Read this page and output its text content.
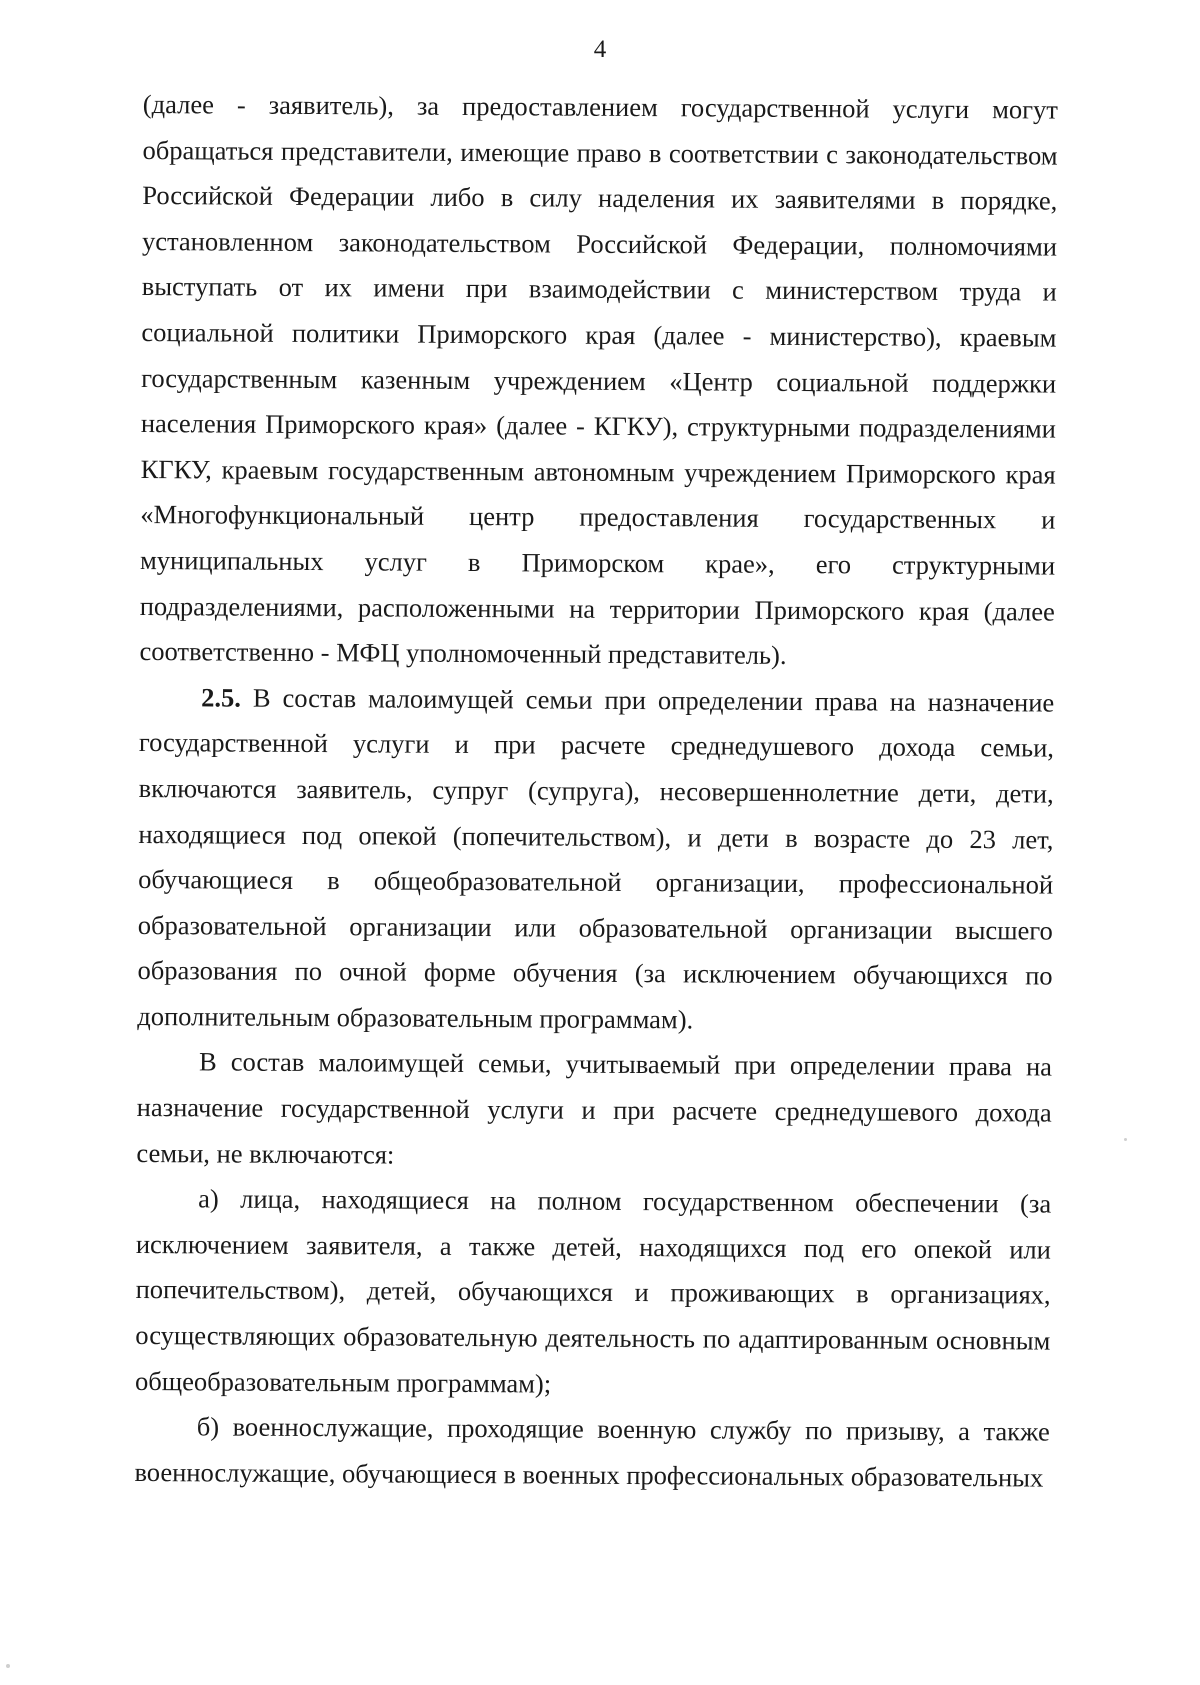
4

(далее - заявитель), за предоставлением государственной услуги могут обращаться представители, имеющие право в соответствии с законодательством Российской Федерации либо в силу наделения их заявителями в порядке, установленном законодательством Российской Федерации, полномочиями выступать от их имени при взаимодействии с министерством труда и социальной политики Приморского края (далее - министерство), краевым государственным казенным учреждением «Центр социальной поддержки населения Приморского края» (далее - КГКУ), структурными подразделениями КГКУ, краевым государственным автономным учреждением Приморского края «Многофункциональный центр предоставления государственных и муниципальных услуг в Приморском крае», его структурными подразделениями, расположенными на территории Приморского края (далее соответственно - МФЦ уполномоченный представитель).

2.5. В состав малоимущей семьи при определении права на назначение государственной услуги и при расчете среднедушевого дохода семьи, включаются заявитель, супруг (супруга), несовершеннолетние дети, дети, находящиеся под опекой (попечительством), и дети в возрасте до 23 лет, обучающиеся в общеобразовательной организации, профессиональной образовательной организации или образовательной организации высшего образования по очной форме обучения (за исключением обучающихся по дополнительным образовательным программам).

В состав малоимущей семьи, учитываемый при определении права на назначение государственной услуги и при расчете среднедушевого дохода семьи, не включаются:

а) лица, находящиеся на полном государственном обеспечении (за исключением заявителя, а также детей, находящихся под его опекой или попечительством), детей, обучающихся и проживающих в организациях, осуществляющих образовательную деятельность по адаптированным основным общеобразовательным программам);

б) военнослужащие, проходящие военную службу по призыву, а также военнослужащие, обучающиеся в военных профессиональных образовательных
